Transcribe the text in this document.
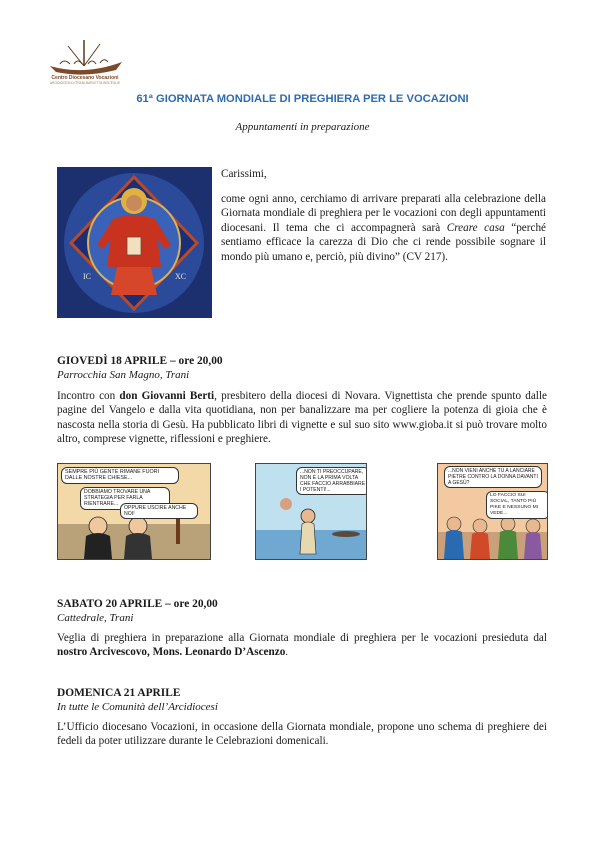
Centro Diocesano Vocazioni
ARCIDIOCESI DI TRANI-BARLETTA-BISCEGLIE
61ª GIORNATA MONDIALE DI PREGHIERA PER LE VOCAZIONI
Appuntamenti in preparazione
IC	XC
Carissimi,
come ogni anno, cerchiamo di arrivare preparati alla celebrazione della Giornata mondiale di preghiera per le vocazioni con degli appuntamenti diocesani. Il tema che ci accompagnerà sarà Creare casa “perché sentiamo efficace la carezza di Dio che ci rende possibile sognare il mondo più umano e, perciò, più divino” (CV 217).
GIOVEDÌ 18 APRILE – ore 20,00
Parrocchia San Magno, Trani
Incontro con don Giovanni Berti, presbitero della diocesi di Novara. Vignettista che prende spunto dalle pagine del Vangelo e dalla vita quotidiana, non per banalizzare ma per cogliere la potenza di gioia che è nascosta nella storia di Gesù. Ha pubblicato libri di vignette e sul suo sito www.gioba.it si può trovare molto altro, comprese vignette, riflessioni e preghiere.
SEMPRE PIÙ GENTE RIMANE FUORI DALLE NOSTRE CHIESE...
DOBBIAMO TROVARE UNA STRATEGIA PER FARLA RIENTRARE...
OPPURE USCIRE ANCHE NOI!
...NON TI PREOCCUPARE, NON È LA PRIMA VOLTA CHE FACCIO ARRABBIARE I POTENTI!...
...NON VIENI ANCHE TU A LANCIARE PIETRE CONTRO LA DONNA DAVANTI A GESÙ?
LO FACCIO SUI SOCIAL, TANTO PIÙ PIKE E NESSUNO MI VEDE...
SABATO 20 APRILE – ore 20,00
Cattedrale, Trani
Veglia di preghiera in preparazione alla Giornata mondiale di preghiera per le vocazioni presieduta dal nostro Arcivescovo, Mons. Leonardo D’Ascenzo.
DOMENICA 21 APRILE
In tutte le Comunità dell’Arcidiocesi
L’Ufficio diocesano Vocazioni, in occasione della Giornata mondiale, propone uno schema di preghiere dei fedeli da poter utilizzare durante le Celebrazioni domenicali.
